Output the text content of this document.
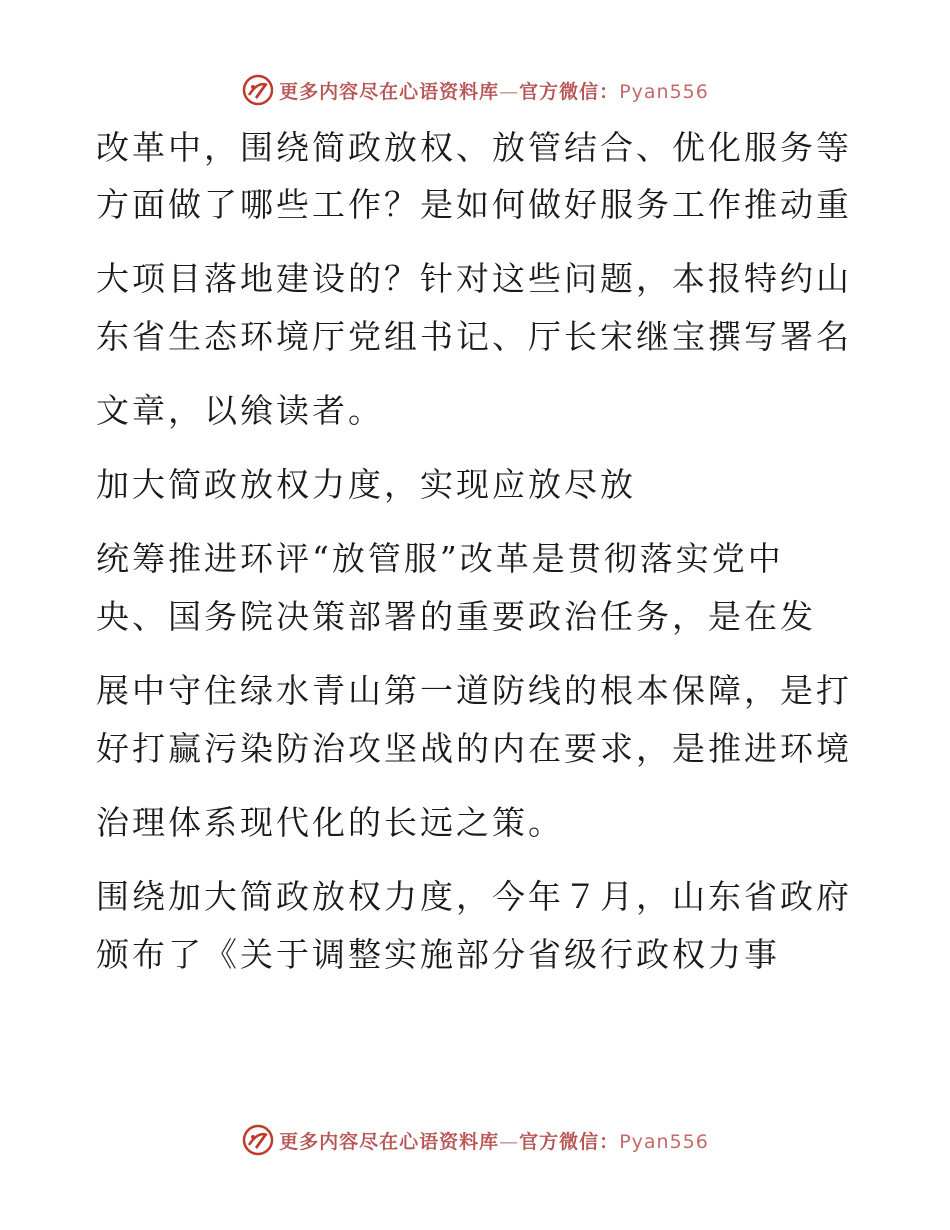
更多内容尽在心语资料库—官方微信：Pyan556
改革中，围绕简政放权、放管结合、优化服务等
方面做了哪些工作？是如何做好服务工作推动重
大项目落地建设的？针对这些问题，本报特约山
东省生态环境厅党组书记、厅长宋继宝撰写署名
文章，以飨读者。
加大简政放权力度，实现应放尽放
统筹推进环评“放管服”改革是贯彻落实党中
央、国务院决策部署的重要政治任务，是在发
展中守住绿水青山第一道防线的根本保障，是打
好打赢污染防治攻坚战的内在要求，是推进环境
治理体系现代化的长远之策。
围绕加大简政放权力度，今年７月，山东省政府
颁布了《关于调整实施部分省级行政权力事
更多内容尽在心语资料库—官方微信：Pyan556
